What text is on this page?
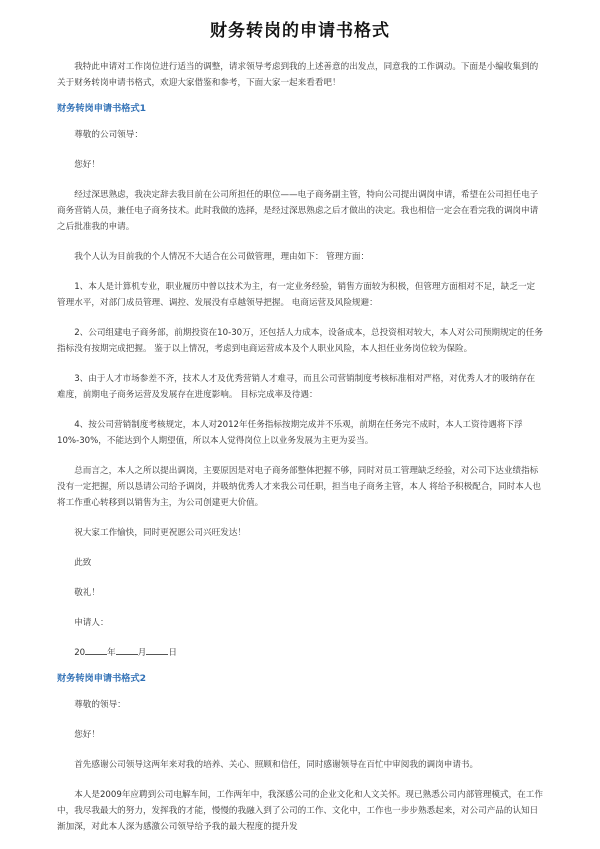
财务转岗的申请书格式

我特此申请对工作岗位进行适当的调整，请求领导考虑到我的上述善意的出发点，同意我的工作调动。下面是小编收集到的关于财务转岗申请书格式，欢迎大家借鉴和参考，下面大家一起来看看吧！

财务转岗申请书格式1

尊敬的公司领导：

您好！

经过深思熟虑，我决定辞去我目前在公司所担任的职位——电子商务副主管，特向公司提出调岗申请，希望在公司担任电子商务营销人员，兼任电子商务技术。此时我做的选择，是经过深思熟虑之后才做出的决定。我也相信一定会在看完我的调岗申请之后批准我的申请。

我个人认为目前我的个人情况不大适合在公司做管理，理由如下： 管理方面：

1、本人是计算机专业，职业履历中曾以技术为主，有一定业务经验，销售方面较为积极，但管理方面相对不足，缺乏一定管理水平，对部门成员管理、调控、发展没有卓越领导把握。 电商运营及风险规避：

2、公司组建电子商务部，前期投资在10-30万，还包括人力成本，设备成本，总投资相对较大，本人对公司预期规定的任务指标没有按期完成把握。 鉴于以上情况，考虑到电商运营成本及个人职业风险，本人担任业务岗位较为保险。

3、由于人才市场参差不齐，技术人才及优秀营销人才难寻，而且公司营销制度考核标准相对严格，对优秀人才的吸纳存在难度，前期电子商务运营及发展存在进度影响。 目标完成率及待遇：

4、按公司营销制度考核规定，本人对2012年任务指标按期完成并不乐观，前期在任务完不成时，本人工资待遇将下浮10%-30%，不能达到个人期望值，所以本人觉得岗位上以业务发展为主更为妥当。

总而言之，本人之所以提出调岗，主要原因是对电子商务部整体把握不够，同时对员工管理缺乏经验，对公司下达业绩指标没有一定把握，所以恳请公司给予调岗，并吸纳优秀人才来我公司任职，担当电子商务主管，本人 将给予积极配合，同时本人也将工作重心转移到以销售为主，为公司创建更大价值。

祝大家工作愉快，同时更祝愿公司兴旺发达！

此致

敬礼！

申请人：

20	年	月	日

财务转岗申请书格式2

尊敬的领导：

您好！

首先感谢公司领导这两年来对我的培养、关心、照顾和信任，同时感谢领导在百忙中审阅我的调岗申请书。

本人是2009年应聘到公司电解车间，工作两年中，我深感公司的企业文化和人文关怀。现已熟悉公司内部管理模式，在工作中，我尽我最大的努力，发挥我的才能，慢慢的我融入到了公司的工作、文化中，工作也一步步熟悉起来，对公司产品的认知日渐加深，对此本人深为感激公司领导给予我的最大程度的提升发
